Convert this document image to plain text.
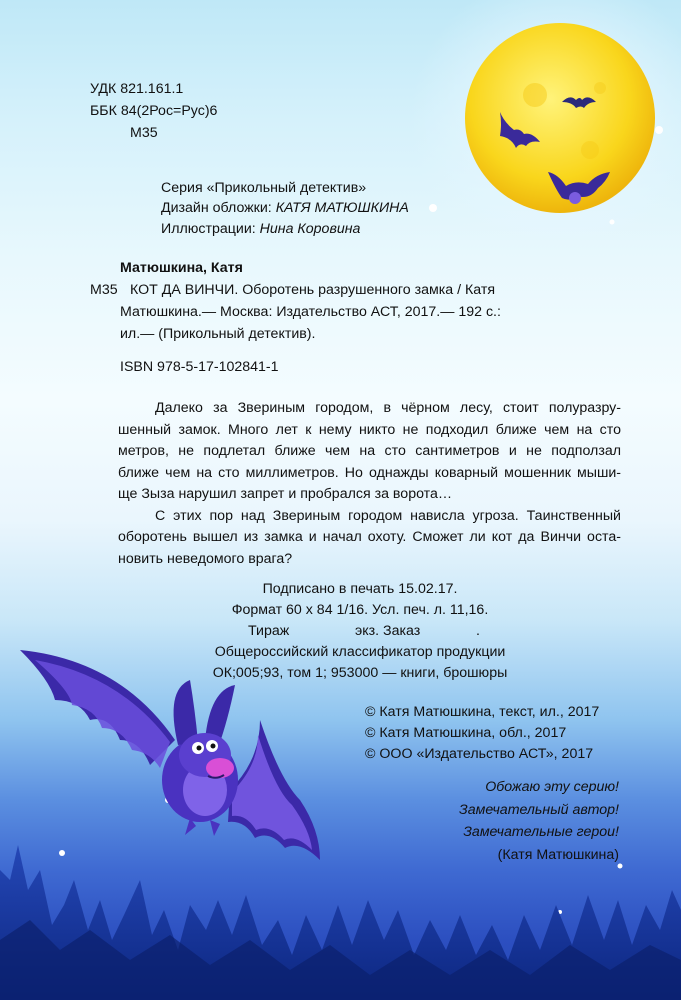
УДК 821.161.1
ББК 84(2Рос=Рус)6
М35
Серия «Прикольный детектив»
Дизайн обложки: КАТЯ МАТЮШКИНА
Иллюстрации: Нина Коровина
Матюшкина, Катя
М35 КОТ ДА ВИНЧИ. Оборотень разрушенного замка / Катя
Матюшкина.— Москва: Издательство АСТ, 2017.— 192 с.:
ил.— (Прикольный детектив).
ISBN 978-5-17-102841-1
Далеко за Звериным городом, в чёрном лесу, стоит полуразру-
шенный замок. Много лет к нему никто не подходил ближе чем на сто
метров, не подлетал ближе чем на сто сантиметров и не подползал
ближе чем на сто миллиметров. Но однажды коварный мошенник мыши-
ще Зыза нарушил запрет и пробрался за ворота…
С этих пор над Звериным городом нависла угроза. Таинственный
оборотень вышел из замка и начал охоту. Сможет ли кот да Винчи оста-
новить неведомого врага?
Подписано в печать 15.02.17.
Формат 60 х 84 1/16. Усл. печ. л. 11,16.
Тираж	экз. Заказ	.
Общероссийский классификатор продукции
ОК;005;93, том 1; 953000 — книги, брошюры
© Катя Матюшкина, текст, ил., 2017
© Катя Матюшкина, обл., 2017
© ООО «Издательство АСТ», 2017
Обожаю эту серию!
Замечательный автор!
Замечательные герои!
(Катя Матюшкина)
